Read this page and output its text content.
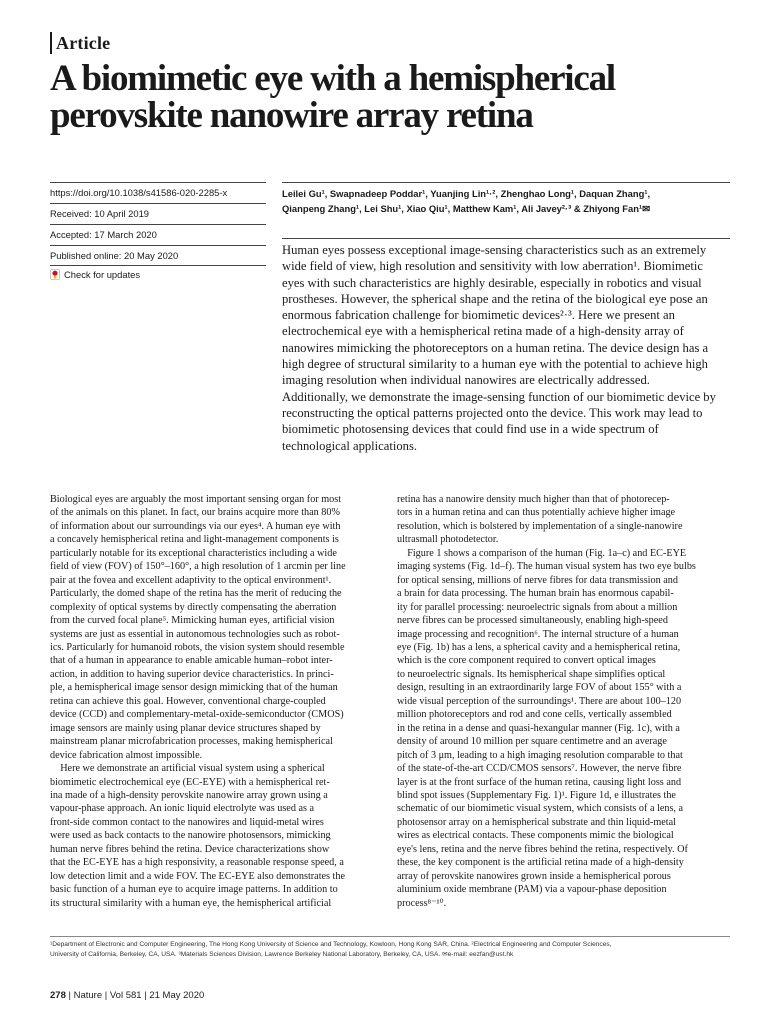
Article
A biomimetic eye with a hemispherical
perovskite nanowire array retina
https://doi.org/10.1038/s41586-020-2285-x
Received: 10 April 2019
Accepted: 17 March 2020
Published online: 20 May 2020
Check for updates
Leilei Gu¹, Swapnadeep Poddar¹, Yuanjing Lin¹·², Zhenghao Long¹, Daquan Zhang¹,
Qianpeng Zhang¹, Lei Shu¹, Xiao Qiu¹, Matthew Kam¹, Ali Javey²·³ & Zhiyong Fan¹✉
Human eyes possess exceptional image-sensing characteristics such as an extremely
wide field of view, high resolution and sensitivity with low aberration¹. Biomimetic
eyes with such characteristics are highly desirable, especially in robotics and visual
prostheses. However, the spherical shape and the retina of the biological eye pose an
enormous fabrication challenge for biomimetic devices²·³. Here we present an
electrochemical eye with a hemispherical retina made of a high-density array of
nanowires mimicking the photoreceptors on a human retina. The device design has a
high degree of structural similarity to a human eye with the potential to achieve high
imaging resolution when individual nanowires are electrically addressed.
Additionally, we demonstrate the image-sensing function of our biomimetic device by
reconstructing the optical patterns projected onto the device. This work may lead to
biomimetic photosensing devices that could find use in a wide spectrum of
technological applications.
Biological eyes are arguably the most important sensing organ for most
of the animals on this planet. In fact, our brains acquire more than 80%
of information about our surroundings via our eyes⁴. A human eye with
a concavely hemispherical retina and light-management components is
particularly notable for its exceptional characteristics including a wide
field of view (FOV) of 150°–160°, a high resolution of 1 arcmin per line
pair at the fovea and excellent adaptivity to the optical environment¹.
Particularly, the domed shape of the retina has the merit of reducing the
complexity of optical systems by directly compensating the aberration
from the curved focal plane⁵. Mimicking human eyes, artificial vision
systems are just as essential in autonomous technologies such as robot-
ics. Particularly for humanoid robots, the vision system should resemble
that of a human in appearance to enable amicable human–robot inter-
action, in addition to having superior device characteristics. In princi-
ple, a hemispherical image sensor design mimicking that of the human
retina can achieve this goal. However, conventional charge-coupled
device (CCD) and complementary-metal-oxide-semiconductor (CMOS)
image sensors are mainly using planar device structures shaped by
mainstream planar microfabrication processes, making hemispherical
device fabrication almost impossible.
Here we demonstrate an artificial visual system using a spherical
biomimetic electrochemical eye (EC-EYE) with a hemispherical ret-
ina made of a high-density perovskite nanowire array grown using a
vapour-phase approach. An ionic liquid electrolyte was used as a
front-side common contact to the nanowires and liquid-metal wires
were used as back contacts to the nanowire photosensors, mimicking
human nerve fibres behind the retina. Device characterizations show
that the EC-EYE has a high responsivity, a reasonable response speed, a
low detection limit and a wide FOV. The EC-EYE also demonstrates the
basic function of a human eye to acquire image patterns. In addition to
its structural similarity with a human eye, the hemispherical artificial
retina has a nanowire density much higher than that of photorecep-
tors in a human retina and can thus potentially achieve higher image
resolution, which is bolstered by implementation of a single-nanowire
ultrasmall photodetector.
Figure 1 shows a comparison of the human (Fig. 1a–c) and EC-EYE
imaging systems (Fig. 1d–f). The human visual system has two eye bulbs
for optical sensing, millions of nerve fibres for data transmission and
a brain for data processing. The human brain has enormous capabil-
ity for parallel processing: neuroelectric signals from about a million
nerve fibres can be processed simultaneously, enabling high-speed
image processing and recognition⁶. The internal structure of a human
eye (Fig. 1b) has a lens, a spherical cavity and a hemispherical retina,
which is the core component required to convert optical images
to neuroelectric signals. Its hemispherical shape simplifies optical
design, resulting in an extraordinarily large FOV of about 155° with a
wide visual perception of the surroundings¹. There are about 100–120
million photoreceptors and rod and cone cells, vertically assembled
in the retina in a dense and quasi-hexangular manner (Fig. 1c), with a
density of around 10 million per square centimetre and an average
pitch of 3 μm, leading to a high imaging resolution comparable to that
of the state-of-the-art CCD/CMOS sensors⁷. However, the nerve fibre
layer is at the front surface of the human retina, causing light loss and
blind spot issues (Supplementary Fig. 1)¹. Figure 1d, e illustrates the
schematic of our biomimetic visual system, which consists of a lens, a
photosensor array on a hemispherical substrate and thin liquid-metal
wires as electrical contacts. These components mimic the biological
eye's lens, retina and the nerve fibres behind the retina, respectively. Of
these, the key component is the artificial retina made of a high-density
array of perovskite nanowires grown inside a hemispherical porous
aluminium oxide membrane (PAM) via a vapour-phase deposition
process⁸⁻¹⁰.
¹Department of Electronic and Computer Engineering, The Hong Kong University of Science and Technology, Kowloon, Hong Kong SAR, China. ²Electrical Engineering and Computer Sciences,
University of California, Berkeley, CA, USA. ³Materials Sciences Division, Lawrence Berkeley National Laboratory, Berkeley, CA, USA. ✉e-mail: eezfan@ust.hk
278 | Nature | Vol 581 | 21 May 2020
